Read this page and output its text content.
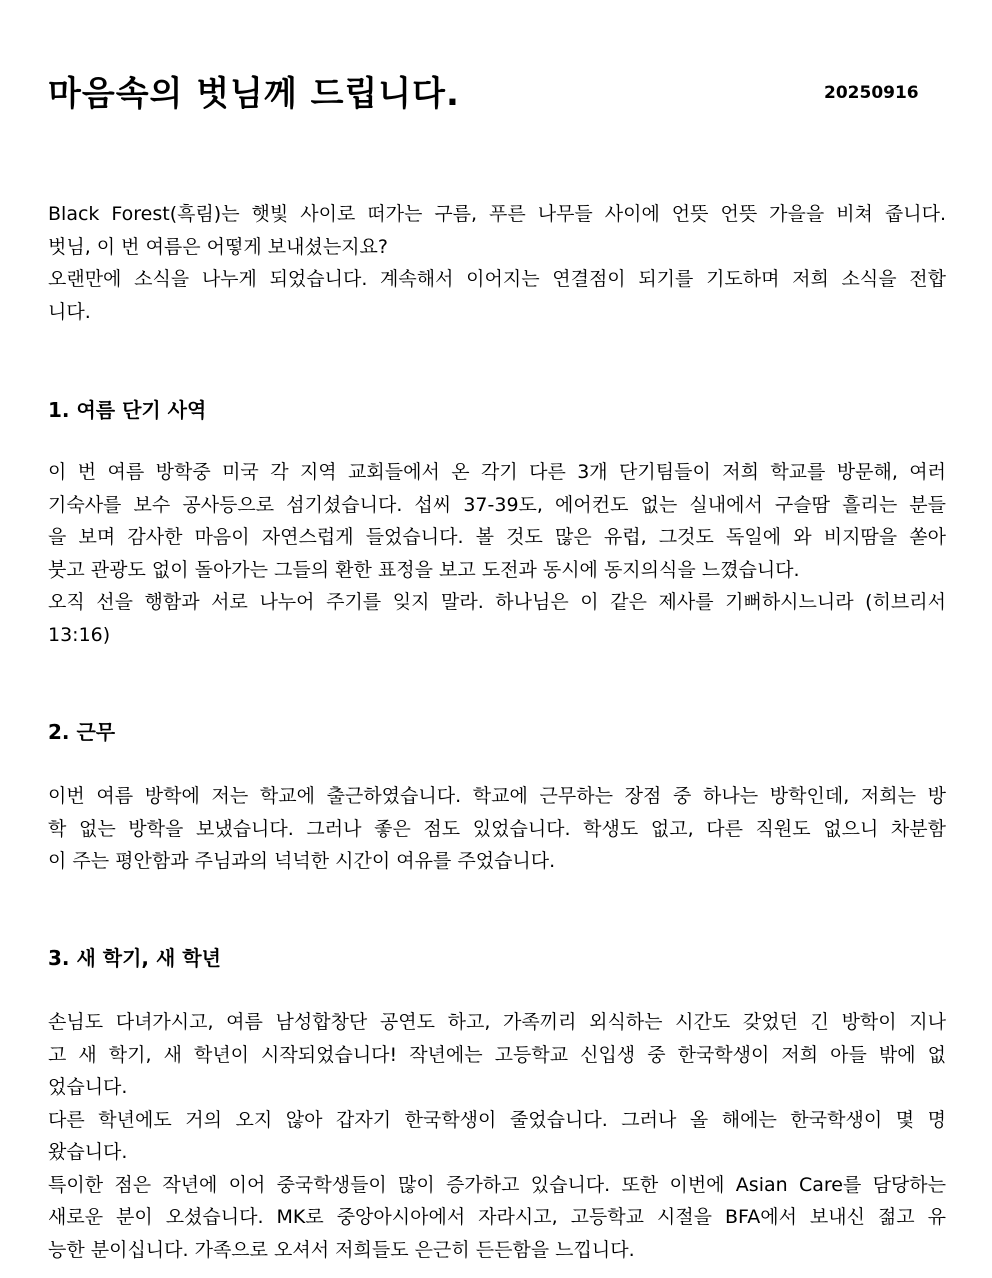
마음속의 벗님께 드립니다.	20250916
Black Forest(흑림)는 햇빛 사이로 떠가는 구름, 푸른 나무들 사이에 언뜻 언뜻 가을을 비쳐 줍니다.
벗님, 이 번 여름은 어떻게 보내셨는지요?
오랜만에 소식을 나누게 되었습니다. 계속해서 이어지는 연결점이 되기를 기도하며 저희 소식을 전합
니다.
1. 여름 단기 사역
이 번 여름 방학중 미국 각 지역 교회들에서 온 각기 다른 3개 단기팀들이 저희 학교를 방문해, 여러
기숙사를 보수 공사등으로 섬기셨습니다. 섭씨 37-39도, 에어컨도 없는 실내에서 구슬땀 흘리는 분들
을 보며 감사한 마음이 자연스럽게 들었습니다. 볼 것도 많은 유럽, 그것도 독일에 와 비지땀을 쏟아
붓고 관광도 없이 돌아가는 그들의 환한 표정을 보고 도전과 동시에 동지의식을 느꼈습니다.
오직 선을 행함과 서로 나누어 주기를 잊지 말라. 하나님은 이 같은 제사를 기뻐하시느니라 (히브리서
13:16)
2. 근무
이번 여름 방학에 저는 학교에 출근하였습니다. 학교에 근무하는 장점 중 하나는 방학인데, 저희는 방
학 없는 방학을 보냈습니다. 그러나 좋은 점도 있었습니다. 학생도 없고, 다른 직원도 없으니 차분함
이 주는 평안함과 주님과의 넉넉한 시간이 여유를 주었습니다.
3. 새 학기, 새 학년
손님도 다녀가시고, 여름 남성합창단 공연도 하고, 가족끼리 외식하는 시간도 갖었던 긴 방학이 지나
고 새 학기, 새 학년이 시작되었습니다! 작년에는 고등학교 신입생 중 한국학생이 저희 아들 밖에 없
었습니다.
다른 학년에도 거의 오지 않아 갑자기 한국학생이 줄었습니다. 그러나 올 해에는 한국학생이 몇 명
왔습니다.
특이한 점은 작년에 이어 중국학생들이 많이 증가하고 있습니다. 또한 이번에 Asian Care를 담당하는
새로운 분이 오셨습니다. MK로 중앙아시아에서 자라시고, 고등학교 시절을 BFA에서 보내신 젊고 유
능한 분이십니다. 가족으로 오셔서 저희들도 은근히 든든함을 느낍니다.
